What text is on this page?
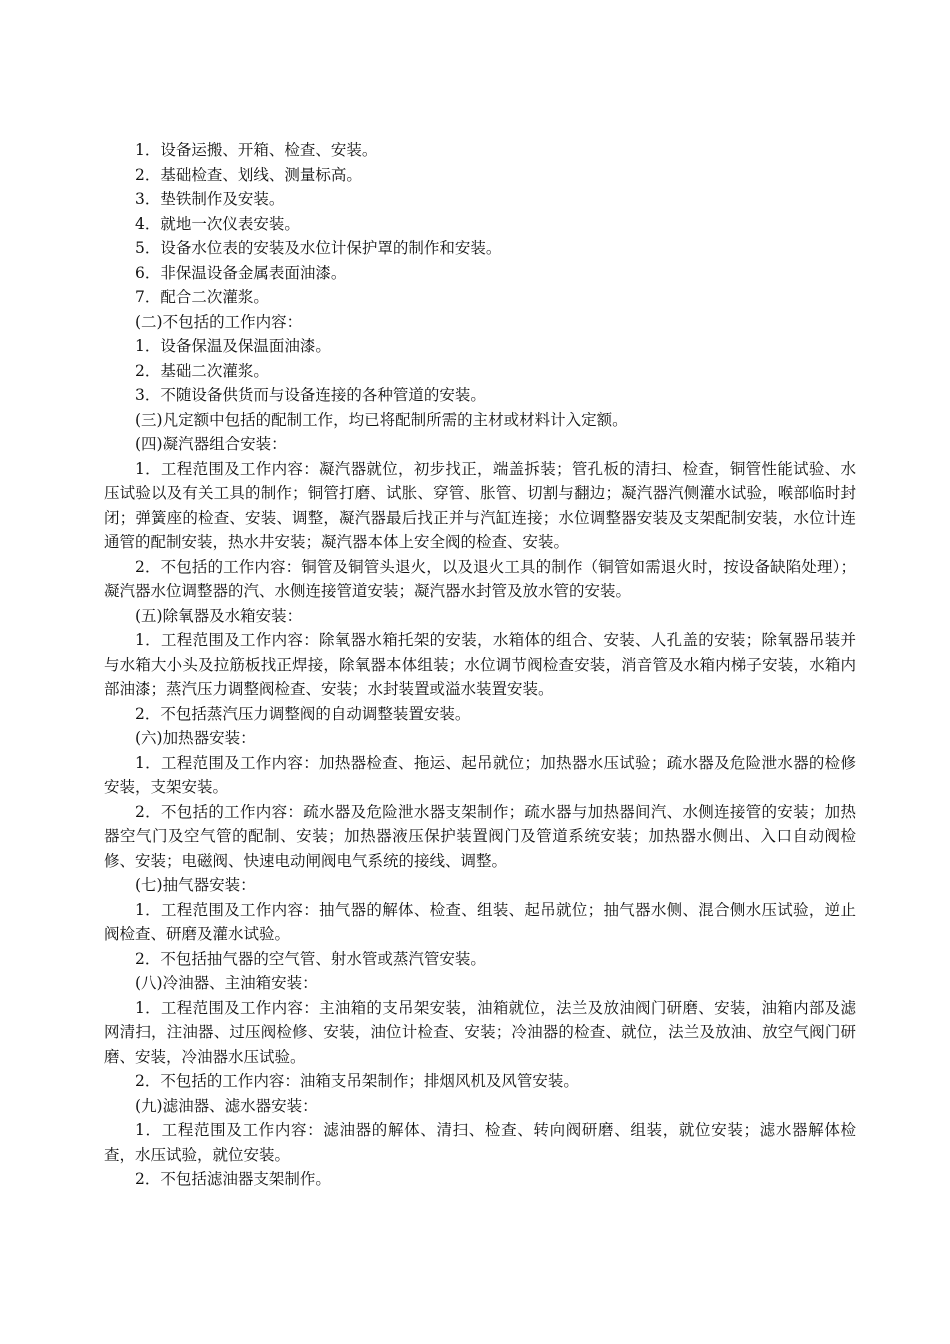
1．设备运搬、开箱、检查、安装。

2．基础检查、划线、测量标高。

3．垫铁制作及安装。

4．就地一次仪表安装。

5．设备水位表的安装及水位计保护罩的制作和安装。

6．非保温设备金属表面油漆。

7．配合二次灌浆。

(二)不包括的工作内容：

1．设备保温及保温面油漆。

2．基础二次灌浆。

3．不随设备供货而与设备连接的各种管道的安装。

(三)凡定额中包括的配制工作，均已将配制所需的主材或材料计入定额。

(四)凝汽器组合安装：

1．工程范围及工作内容：凝汽器就位，初步找正，端盖拆装；管孔板的清扫、检查，铜管性能试验、水压试验以及有关工具的制作；铜管打磨、试胀、穿管、胀管、切割与翻边；凝汽器汽侧灌水试验，喉部临时封闭；弹簧座的检查、安装、调整，凝汽器最后找正并与汽缸连接；水位调整器安装及支架配制安装，水位计连通管的配制安装，热水井安装；凝汽器本体上安全阀的检查、安装。

2．不包括的工作内容：铜管及铜管头退火，以及退火工具的制作（铜管如需退火时，按设备缺陷处理）；凝汽器水位调整器的汽、水侧连接管道安装；凝汽器水封管及放水管的安装。

(五)除氧器及水箱安装：

1．工程范围及工作内容：除氧器水箱托架的安装，水箱体的组合、安装、人孔盖的安装；除氧器吊装并与水箱大小头及拉筋板找正焊接，除氧器本体组装；水位调节阀检查安装，消音管及水箱内梯子安装，水箱内部油漆；蒸汽压力调整阀检查、安装；水封装置或溢水装置安装。

2．不包括蒸汽压力调整阀的自动调整装置安装。

(六)加热器安装：

1．工程范围及工作内容：加热器检查、拖运、起吊就位；加热器水压试验；疏水器及危险泄水器的检修安装，支架安装。

2．不包括的工作内容：疏水器及危险泄水器支架制作；疏水器与加热器间汽、水侧连接管的安装；加热器空气门及空气管的配制、安装；加热器液压保护装置阀门及管道系统安装；加热器水侧出、入口自动阀检修、安装；电磁阀、快速电动闸阀电气系统的接线、调整。

(七)抽气器安装：

1．工程范围及工作内容：抽气器的解体、检查、组装、起吊就位；抽气器水侧、混合侧水压试验，逆止阀检查、研磨及灌水试验。

2．不包括抽气器的空气管、射水管或蒸汽管安装。

(八)冷油器、主油箱安装：

1．工程范围及工作内容：主油箱的支吊架安装，油箱就位，法兰及放油阀门研磨、安装，油箱内部及滤网清扫，注油器、过压阀检修、安装，油位计检查、安装；冷油器的检查、就位，法兰及放油、放空气阀门研磨、安装，冷油器水压试验。

2．不包括的工作内容：油箱支吊架制作；排烟风机及风管安装。

(九)滤油器、滤水器安装：

1．工程范围及工作内容：滤油器的解体、清扫、检查、转向阀研磨、组装，就位安装；滤水器解体检查，水压试验，就位安装。

2．不包括滤油器支架制作。
